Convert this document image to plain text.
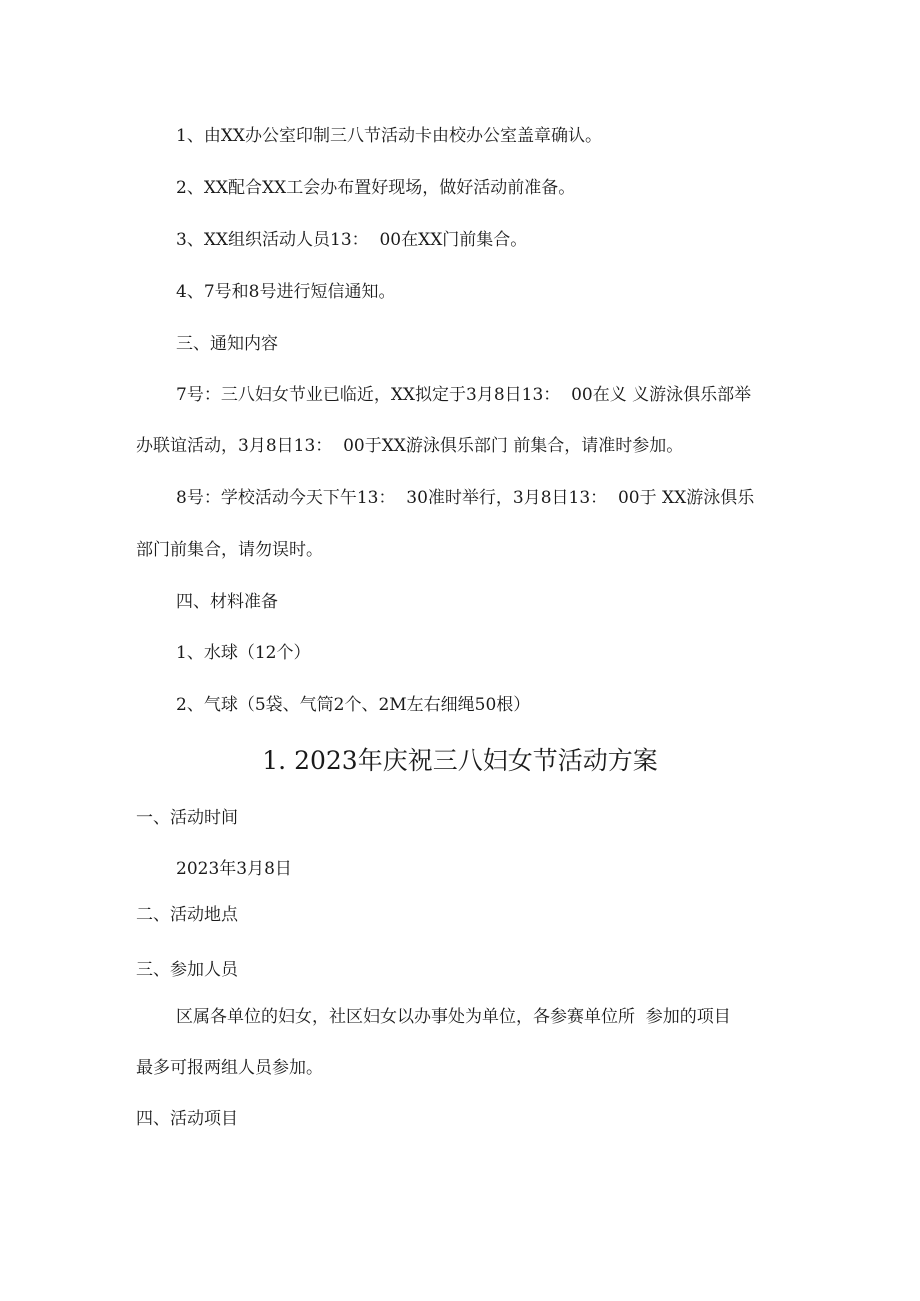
1、由XX办公室印制三八节活动卡由校办公室盖章确认。

2、XX配合XX工会办布置好现场，做好活动前准备。

3、XX组织活动人员13：  00在XX门前集合。

4、7号和8号进行短信通知。

三、通知内容

7号：三八妇女节业已临近，XX拟定于3月8日13：  00在义 义游泳俱乐部举

办联谊活动，3月8日13：  00于XX游泳俱乐部门 前集合，请准时参加。

8号：学校活动今天下午13：  30准时举行，3月8日13：  00于 XX游泳俱乐

部门前集合，请勿误时。

四、材料准备

1、水球（12个）

2、气球（5袋、气筒2个、2M左右细绳50根）

1. 2023年庆祝三八妇女节活动方案

一、活动时间

2023年3月8日

二、活动地点

三、参加人员

区属各单位的妇女，社区妇女以办事处为单位，各参赛单位所  参加的项目

最多可报两组人员参加。

四、活动项目
